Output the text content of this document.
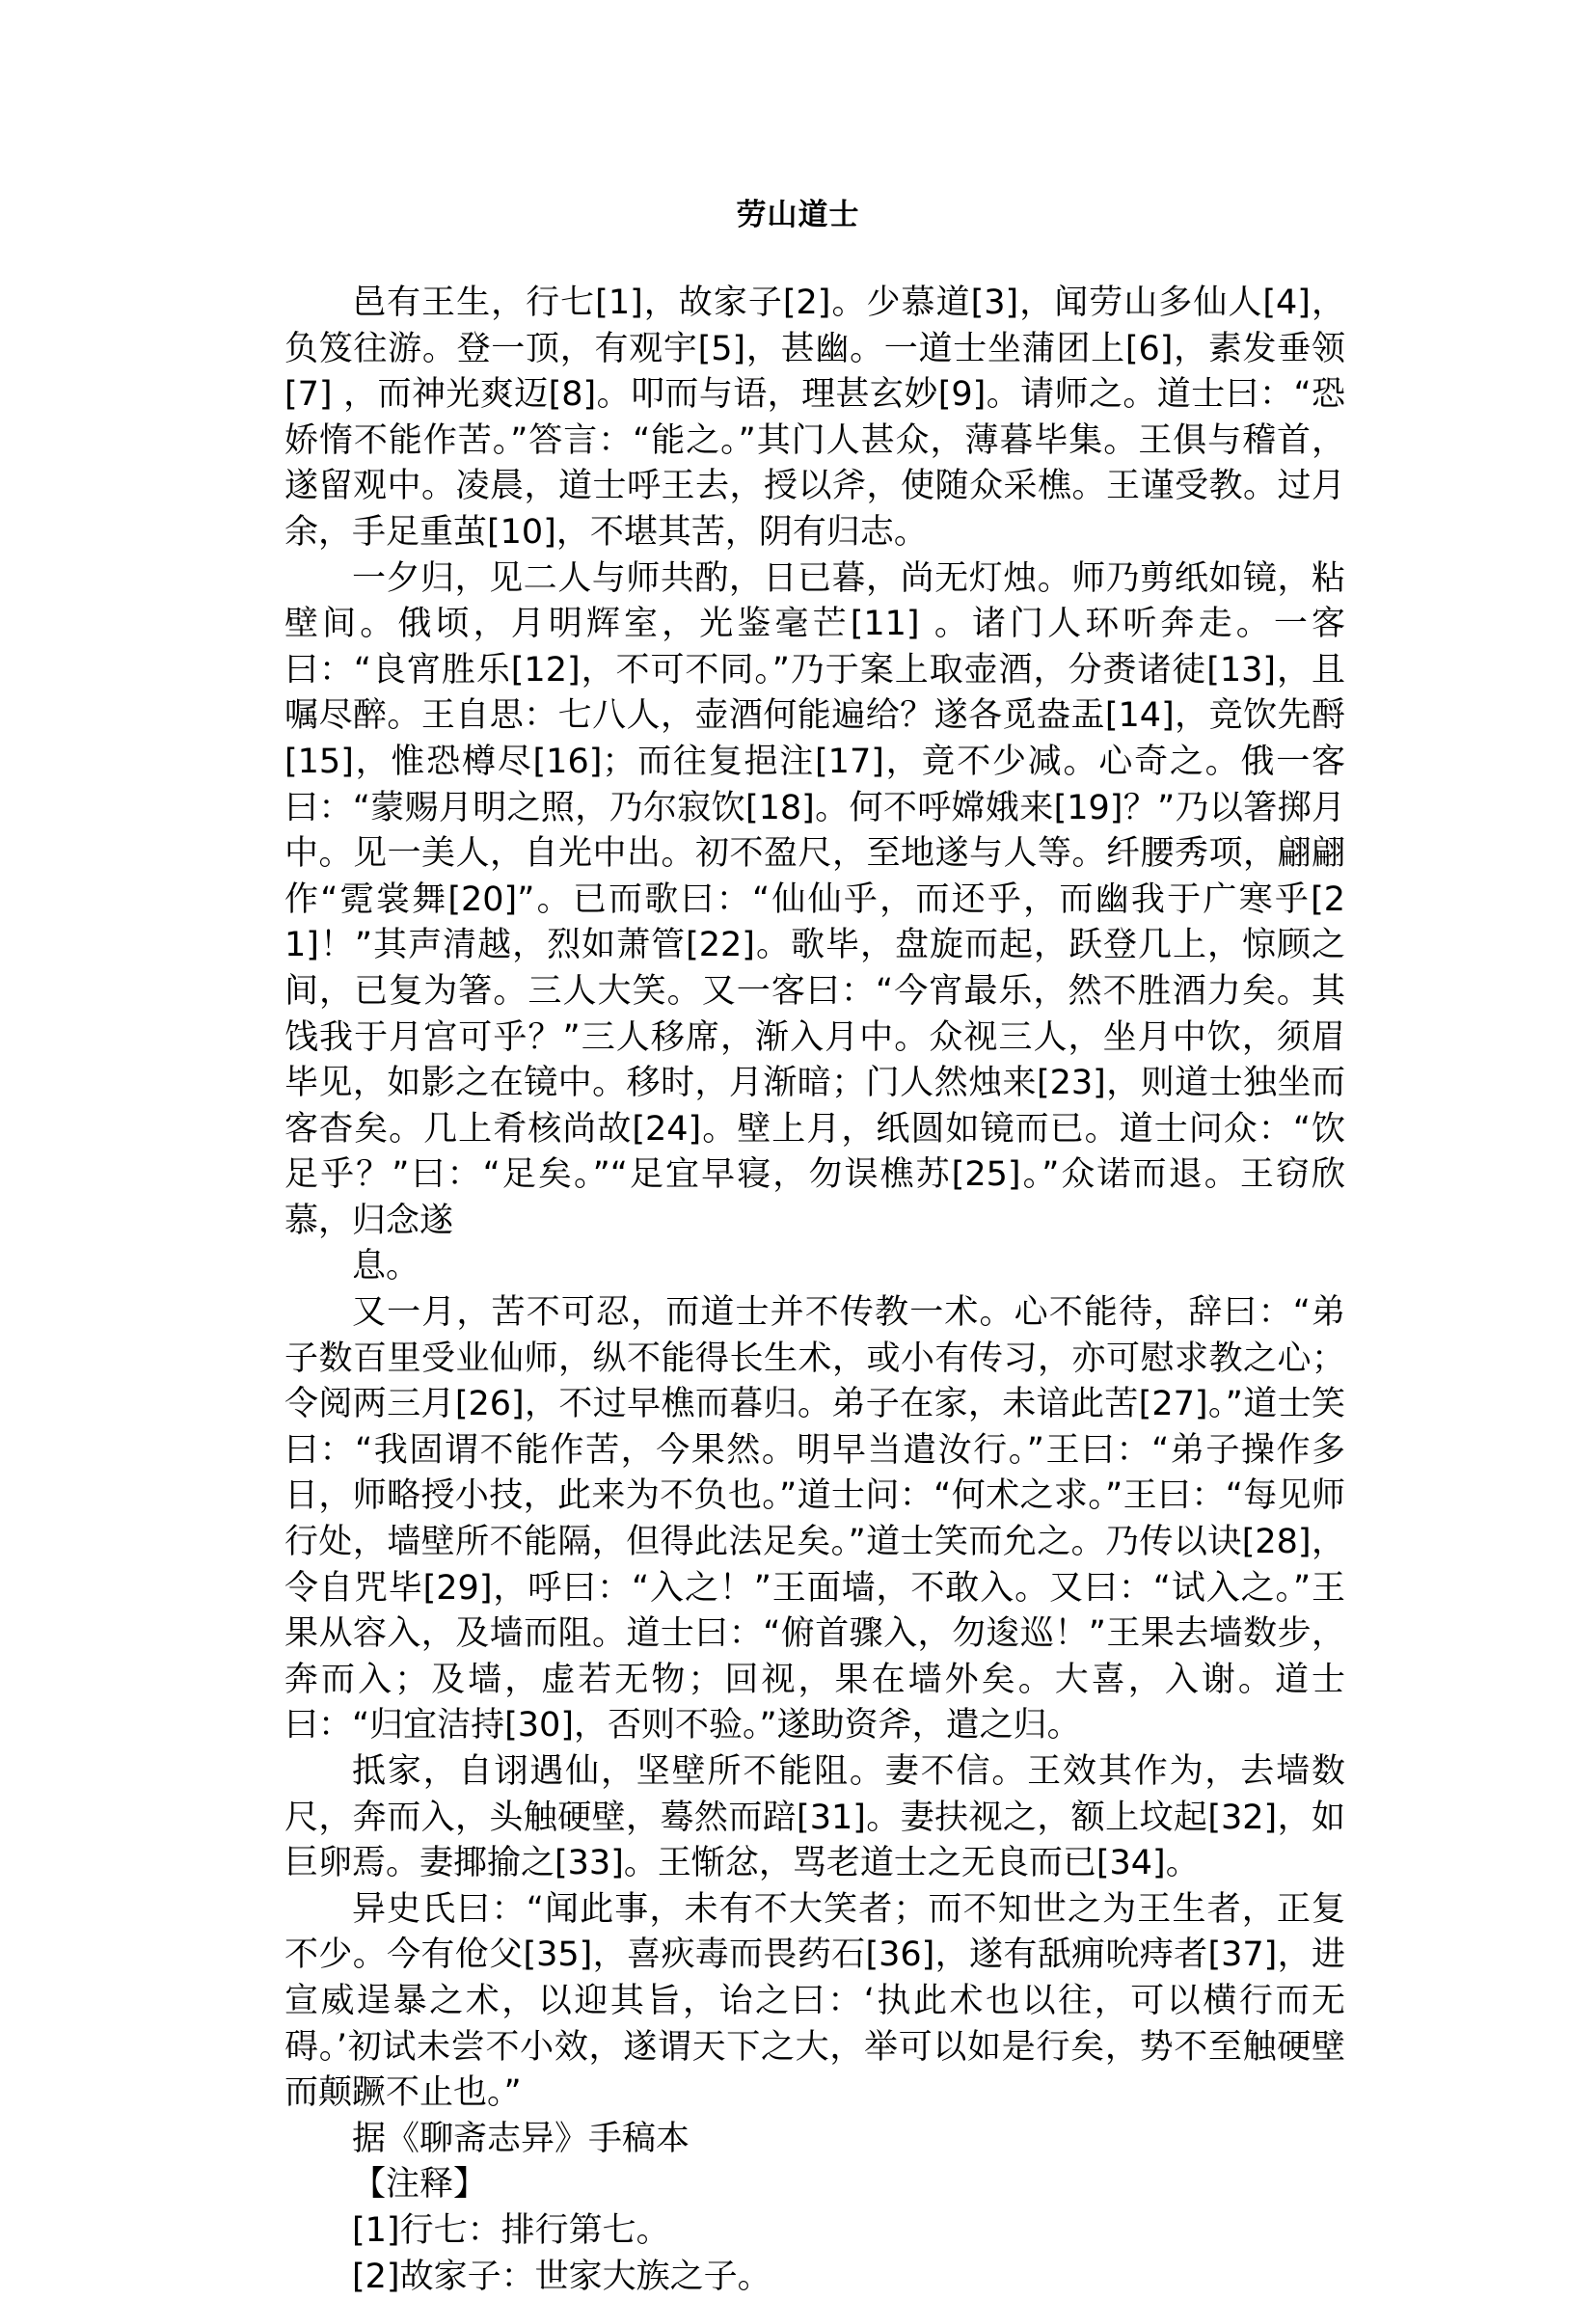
劳山道士

邑有王生，行七[1]，故家子[2]。少慕道[3]，闻劳山多仙人[4]，负笈往游。登一顶，有观宇[5]，甚幽。一道士坐蒲团上[6]，素发垂领[7] ，而神光爽迈[8]。叩而与语，理甚玄妙[9]。请师之。道士曰：“恐娇惰不能作苦。”答言：“能之。”其门人甚众，薄暮毕集。王俱与稽首，遂留观中。凌晨，道士呼王去，授以斧，使随众采樵。王谨受教。过月余，手足重茧[10]，不堪其苦，阴有归志。

一夕归，见二人与师共酌，日已暮，尚无灯烛。师乃剪纸如镜，粘壁间。俄顷，月明辉室，光鉴毫芒[11] 。诸门人环听奔走。一客曰：“良宵胜乐[12]，不可不同。”乃于案上取壶酒，分赉诸徒[13]，且嘱尽醉。王自思：七八人，壶酒何能遍给？遂各觅盎盂[14]，竞饮先酹[15]，惟恐樽尽[16]；而往复挹注[17]，竟不少减。心奇之。俄一客曰：“蒙赐月明之照，乃尔寂饮[18]。何不呼嫦娥来[19]？”乃以箸掷月中。见一美人，自光中出。初不盈尺，至地遂与人等。纤腰秀项，翩翩作“霓裳舞[20]”。已而歌曰：“仙仙乎，而还乎，而幽我于广寒乎[21]！”其声清越，烈如萧管[22]。歌毕，盘旋而起，跃登几上，惊顾之间，已复为箸。三人大笑。又一客曰：“今宵最乐，然不胜酒力矣。其饯我于月宫可乎？”三人移席，渐入月中。众视三人，坐月中饮，须眉毕见，如影之在镜中。移时，月渐暗；门人然烛来[23]，则道士独坐而客杳矣。几上肴核尚故[24]。壁上月，纸圆如镜而已。道士问众：“饮足乎？”曰：“足矣。”“足宜早寝，勿误樵苏[25]。”众诺而退。王窃欣慕，归念遂

息。

又一月，苦不可忍，而道士并不传教一术。心不能待，辞曰：“弟子数百里受业仙师，纵不能得长生术，或小有传习，亦可慰求教之心；令阅两三月[26]，不过早樵而暮归。弟子在家，未谙此苦[27]。”道士笑曰：“我固谓不能作苦，今果然。明早当遣汝行。”王曰：“弟子操作多日，师略授小技，此来为不负也。”道士问：“何术之求。”王曰：“每见师行处，墙壁所不能隔，但得此法足矣。”道士笑而允之。乃传以诀[28]，令自咒毕[29]，呼曰：“入之！”王面墙，不敢入。又曰：“试入之。”王果从容入，及墙而阻。道士曰：“俯首骤入，勿逡巡！”王果去墙数步，奔而入；及墙，虚若无物；回视，果在墙外矣。大喜，入谢。道士曰：“归宜洁持[30]，否则不验。”遂助资斧，遣之归。

抵家，自诩遇仙，坚壁所不能阻。妻不信。王效其作为，去墙数尺，奔而入，头触硬壁，蓦然而踣[31]。妻扶视之，额上坟起[32]，如巨卵焉。妻揶揄之[33]。王惭忿，骂老道士之无良而已[34]。

异史氏曰：“闻此事，未有不大笑者；而不知世之为王生者，正复不少。今有伧父[35]，喜疢毒而畏药石[36]，遂有舐痈吮痔者[37]，进宣威逞暴之术，以迎其旨，诒之曰：‘执此术也以往，可以横行而无碍。’初试未尝不小效，遂谓天下之大，举可以如是行矣，势不至触硬壁而颠蹶不止也。”

据《聊斋志异》手稿本

【注释】

[1]行七：排行第七。

[2]故家子：世家大族之子。
